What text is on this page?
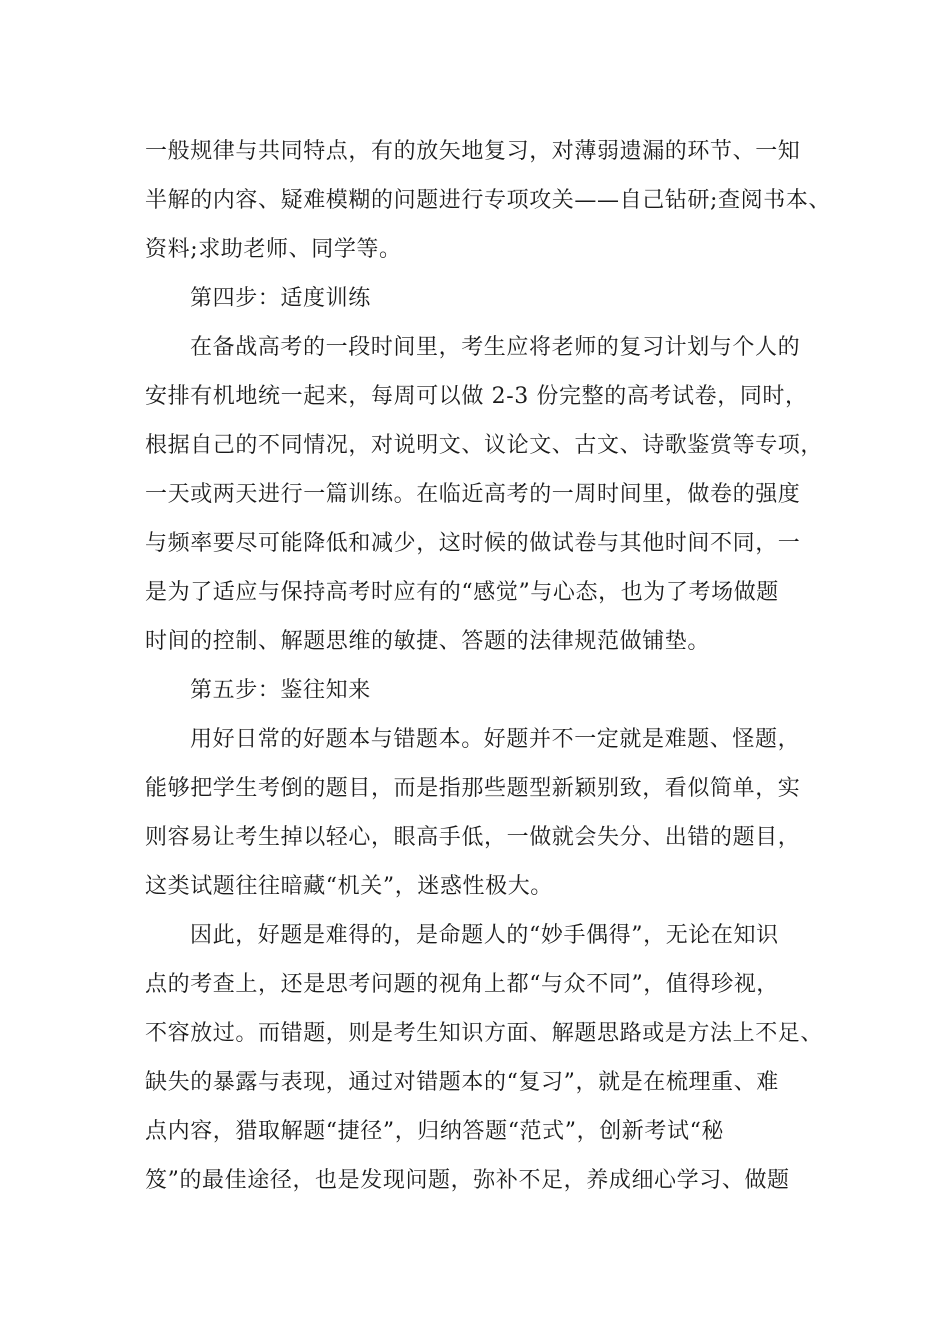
一般规律与共同特点，有的放矢地复习，对薄弱遗漏的环节、一知
半解的内容、疑难模糊的问题进行专项攻关——自己钻研;查阅书本、
资料;求助老师、同学等。
第四步：适度训练
在备战高考的一段时间里，考生应将老师的复习计划与个人的
安排有机地统一起来，每周可以做 2-3 份完整的高考试卷，同时，
根据自己的不同情况，对说明文、议论文、古文、诗歌鉴赏等专项，
一天或两天进行一篇训练。在临近高考的一周时间里，做卷的强度
与频率要尽可能降低和减少，这时候的做试卷与其他时间不同，一
是为了适应与保持高考时应有的“感觉”与心态，也为了考场做题
时间的控制、解题思维的敏捷、答题的法律规范做铺垫。
第五步：鉴往知来
用好日常的好题本与错题本。好题并不一定就是难题、怪题，
能够把学生考倒的题目，而是指那些题型新颖别致，看似简单，实
则容易让考生掉以轻心，眼高手低，一做就会失分、出错的题目，
这类试题往往暗藏“机关”，迷惑性极大。
因此，好题是难得的，是命题人的“妙手偶得”，无论在知识
点的考查上，还是思考问题的视角上都“与众不同”，值得珍视，
不容放过。而错题，则是考生知识方面、解题思路或是方法上不足、
缺失的暴露与表现，通过对错题本的“复习”，就是在梳理重、难
点内容，猎取解题“捷径”，归纳答题“范式”，创新考试“秘
笈”的最佳途径，也是发现问题，弥补不足，养成细心学习、做题
